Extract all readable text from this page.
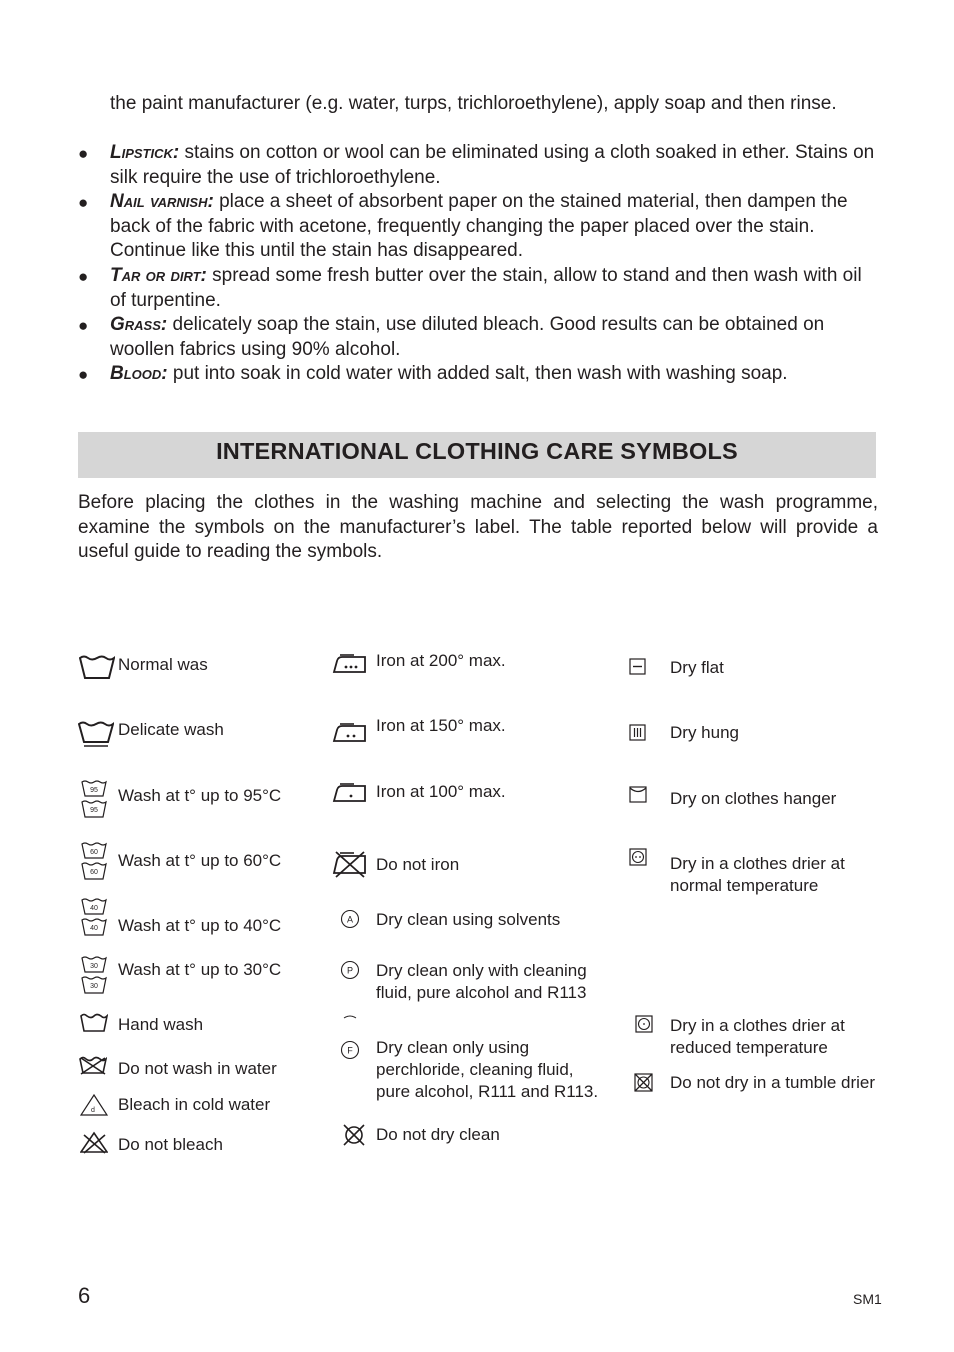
the paint manufacturer (e.g. water, turps, trichloroethylene), apply soap and then rinse.

● Lipstick: stains on cotton or wool can be eliminated using a cloth soaked in ether. Stains on silk require the use of trichloroethylene.

● Nail varnish: place a sheet of absorbent paper on the stained material, then dampen the back of the fabric with acetone, frequently changing the paper placed over the stain. Continue like this until the stain has disappeared.

● Tar or dirt: spread some fresh butter over the stain, allow to stand and then wash with oil of turpentine.

● Grass: delicately soap the stain, use diluted bleach. Good results can be obtained on woollen fabrics using 90% alcohol.

● Blood: put into soak in cold water with added salt, then wash with washing soap.

INTERNATIONAL CLOTHING CARE SYMBOLS

Before placing the clothes in the washing machine and selecting the wash programme, examine the symbols on the manufacturer’s label. The table reported below will provide a useful guide to reading the symbols.

Normal was
Delicate wash
95
95
Wash at t° up to 95°C
60
60
Wash at t° up to 60°C
40
40 Wash at t° up to 40°C
30
30
Wash at t° up to 30°C
Hand wash
Do not wash in water
d Bleach in cold water
Do not bleach
Iron at 200° max.
Iron at 150° max.
Iron at 100° max.
Do not iron
A Dry clean using solvents
P Dry clean only with cleaning fluid, pure alcohol and R113
F Dry clean only using perchloride, cleaning fluid, pure alcohol, R111 and R113.
Do not dry clean
Dry flat
Dry hung
Dry on clothes hanger
Dry in a clothes drier at normal temperature
Dry in a clothes drier at reduced temperature
Do not dry in a tumble drier
6	SM1
